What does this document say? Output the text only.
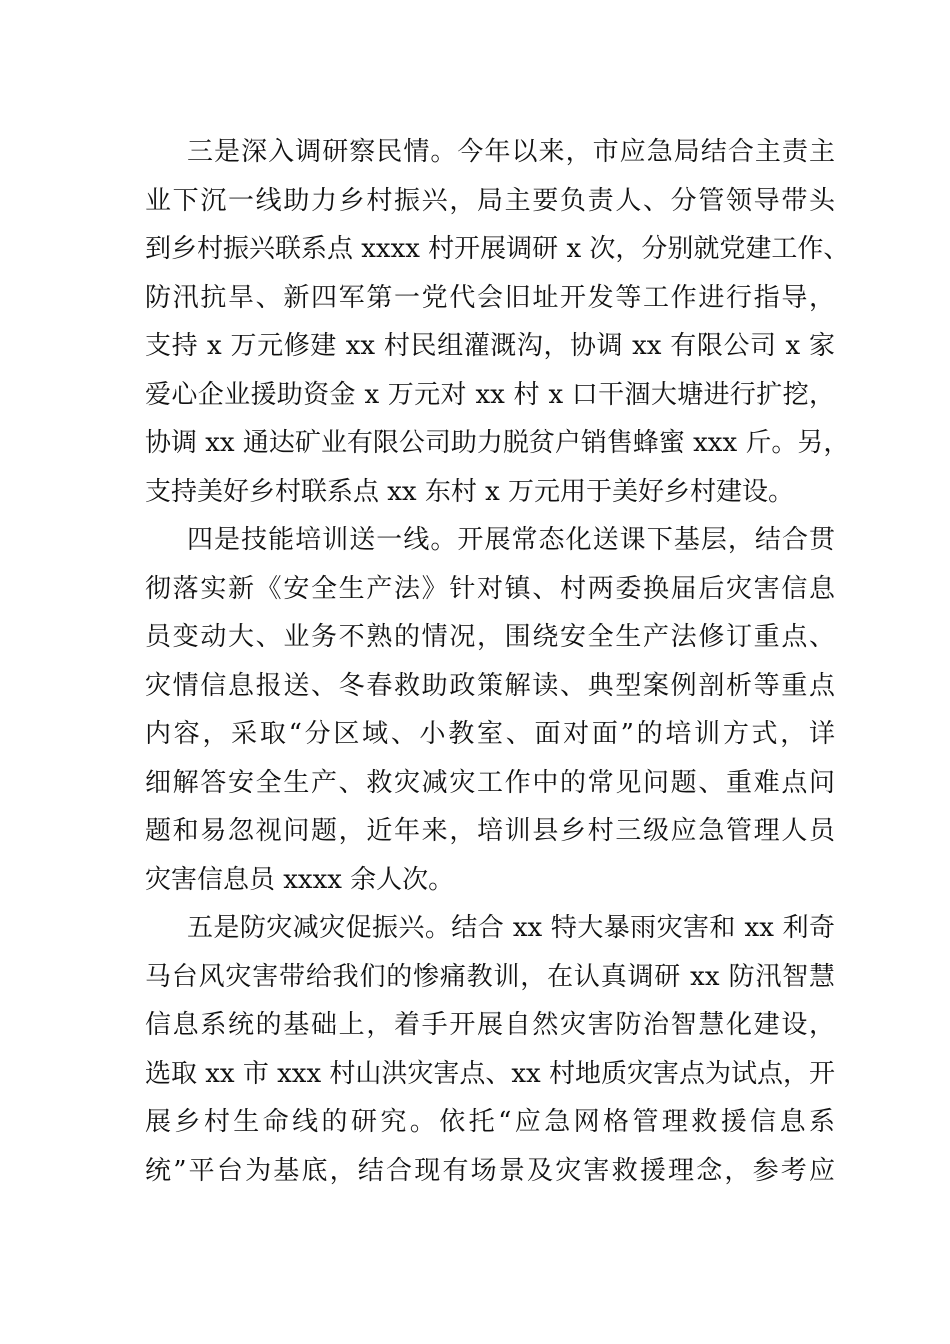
三是深入调研察民情。今年以来，市应急局结合主责主
业下沉一线助力乡村振兴，局主要负责人、分管领导带头
到乡村振兴联系点 xxxx 村开展调研 x 次，分别就党建工作、
防汛抗旱、新四军第一党代会旧址开发等工作进行指导，
支持 x 万元修建 xx 村民组灌溉沟，协调 xx 有限公司 x 家
爱心企业援助资金 x 万元对 xx 村 x 口干涸大塘进行扩挖，
协调 xx 通达矿业有限公司助力脱贫户销售蜂蜜 xxx 斤。另，
支持美好乡村联系点 xx 东村 x 万元用于美好乡村建设。
四是技能培训送一线。开展常态化送课下基层，结合贯
彻落实新《安全生产法》针对镇、村两委换届后灾害信息
员变动大、业务不熟的情况，围绕安全生产法修订重点、
灾情信息报送、冬春救助政策解读、典型案例剖析等重点
内容，采取“分区域、小教室、面对面”的培训方式，详
细解答安全生产、救灾减灾工作中的常见问题、重难点问
题和易忽视问题，近年来，培训县乡村三级应急管理人员
灾害信息员 xxxx 余人次。
五是防灾减灾促振兴。结合 xx 特大暴雨灾害和 xx 利奇
马台风灾害带给我们的惨痛教训，在认真调研 xx 防汛智慧
信息系统的基础上，着手开展自然灾害防治智慧化建设，
选取 xx 市 xxx 村山洪灾害点、xx 村地质灾害点为试点，开
展乡村生命线的研究。依托“应急网格管理救援信息系
统”平台为基底，结合现有场景及灾害救援理念，参考应
